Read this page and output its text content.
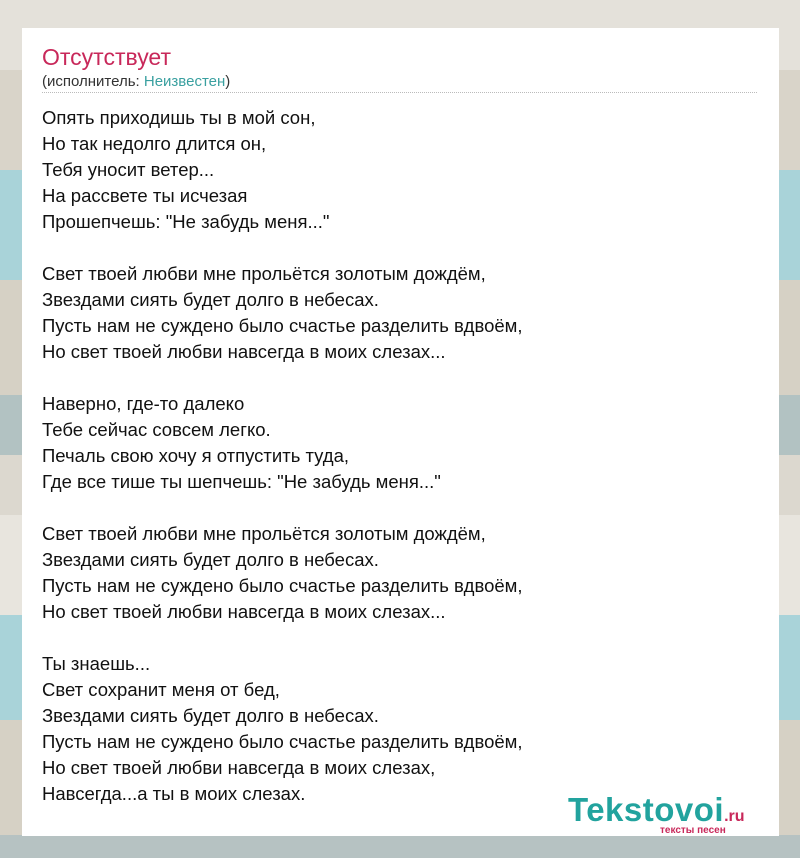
Отсутствует
(исполнитель: Неизвестен)
Опять приходишь ты в мой сон,
Но так недолго длится он,
Тебя уносит ветер...
На рассвете ты исчезая
Прошепчешь: "Не забудь меня..."
Свет твоей любви мне прольётся золотым дождём,
Звездами сиять будет долго в небесах.
Пусть нам не суждено было счастье разделить вдвоём,
Но свет твоей любви навсегда в моих слезах...
Наверно, где-то далеко
Тебе сейчас совсем легко.
Печаль свою хочу я отпустить туда,
Где все тише ты шепчешь: "Не забудь меня..."
Свет твоей любви мне прольётся золотым дождём,
Звездами сиять будет долго в небесах.
Пусть нам не суждено было счастье разделить вдвоём,
Но свет твоей любви навсегда в моих слезах...
Ты знаешь...
Свет сохранит меня от бед,
Звездами сиять будет долго в небесах.
Пусть нам не суждено было счастье разделить вдвоём,
Но свет твоей любви навсегда в моих слезах,
Навсегда...а ты в моих слезах.	Tekstovoi.ru
тексты песен
